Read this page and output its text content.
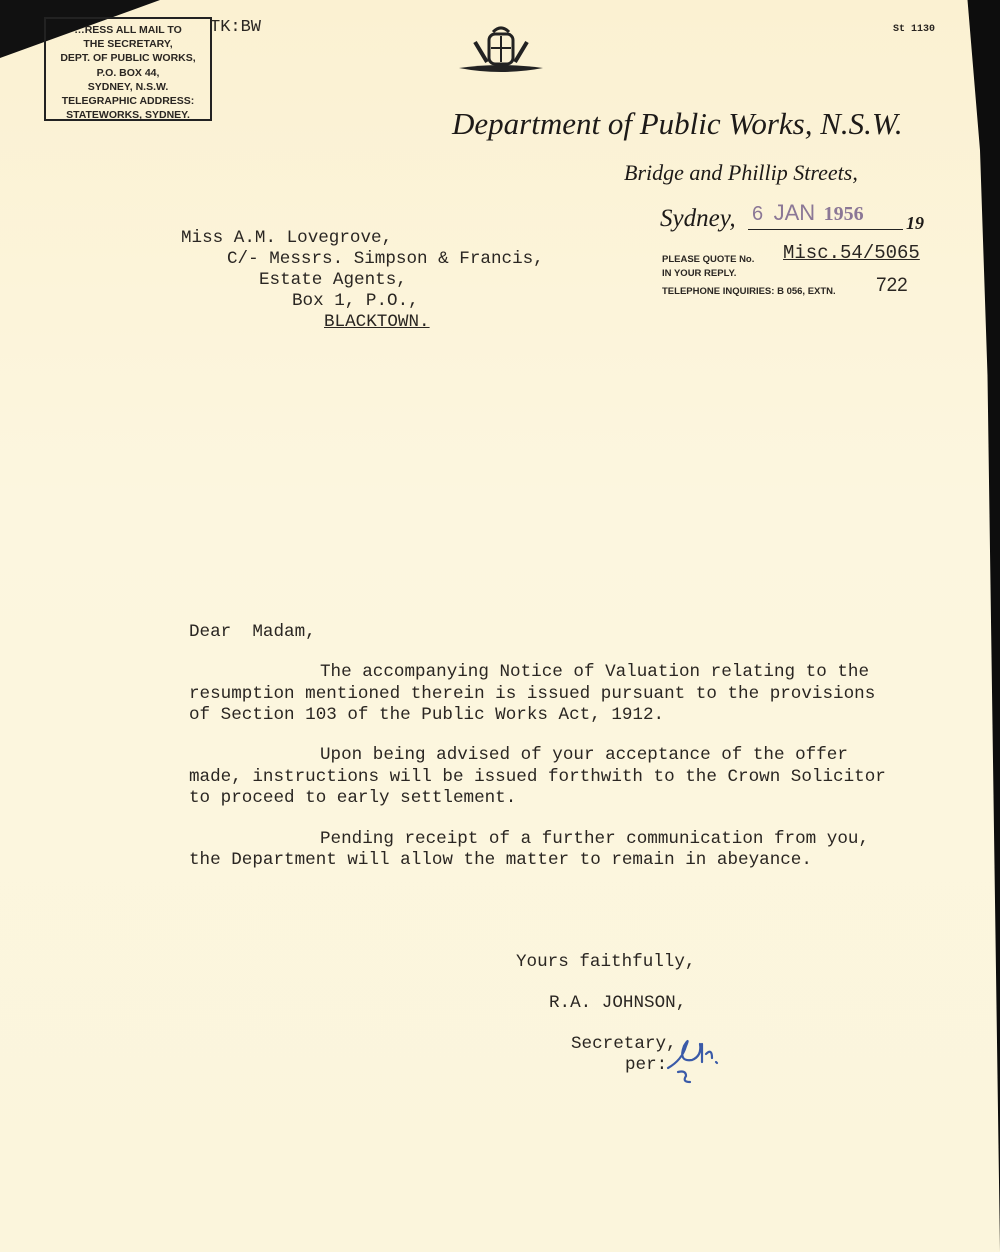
…RESS ALL MAIL TO
THE SECRETARY,
DEPT. OF PUBLIC WORKS,
P.O. BOX 44,
SYDNEY, N.S.W.
TELEGRAPHIC ADDRESS:
STATEWORKS, SYDNEY.
TK:BW	St 1130
Department of Public Works, N.S.W.
Bridge and Phillip Streets,
Sydney,	19
6 JAN 1956
PLEASE QUOTE No. Misc.54/5065
IN YOUR REPLY.
TELEPHONE INQUIRIES: B 056, EXTN. 722
Miss A.M. Lovegrove,
C/- Messrs. Simpson & Francis,
Estate Agents,
Box 1, P.O.,
BLACKTOWN.
Dear  Madam,
The accompanying Notice of Valuation relating to the
resumption mentioned therein is issued pursuant to the provisions
of Section 103 of the Public Works Act, 1912.
Upon being advised of your acceptance of the offer
made, instructions will be issued forthwith to the Crown Solicitor
to proceed to early settlement.
Pending receipt of a further communication from you,
the Department will allow the matter to remain in abeyance.
Yours faithfully,
R.A. JOHNSON,
Secretary,
per:
